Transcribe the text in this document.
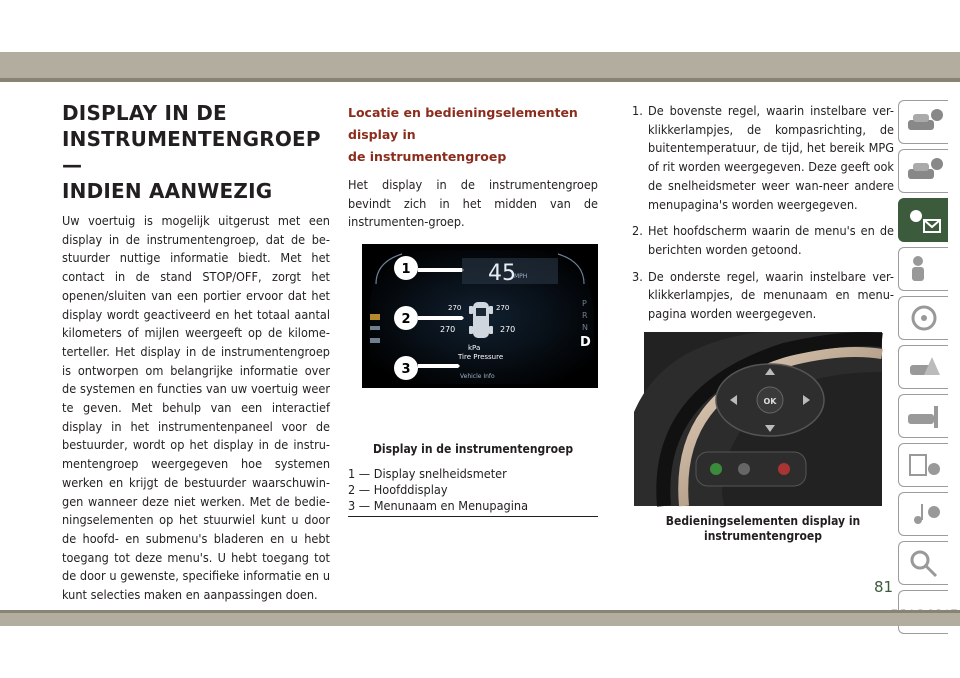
DISPLAY IN DE
INSTRUMENTENGROEP —
INDIEN AANWEZIG
Uw voertuig is mogelijk uitgerust met een display in de instrumentengroep, dat de be-stuurder nuttige informatie biedt. Met het contact in de stand STOP/OFF, zorgt het openen/sluiten van een portier ervoor dat het display wordt geactiveerd en het totaal aantal kilometers of mijlen weergeeft op de kilome-terteller. Het display in de instrumentengroep is ontworpen om belangrijke informatie over de systemen en functies van uw voertuig weer te geven. Met behulp van een interactief display in het instrumentenpaneel voor de bestuurder, wordt op het display in de instru-mentengroep weergegeven hoe systemen werken en krijgt de bestuurder waarschuwin-gen wanneer deze niet werken. Met de bedie-ningselementen op het stuurwiel kunt u door de hoofd- en submenu's bladeren en u hebt toegang tot deze menu's. U hebt toegang tot de door u gewenste, specifieke informatie en u kunt selecties maken en aanpassingen doen.
Locatie en bedieningselementen display in
de instrumentengroep
Het display in de instrumentengroep bevindt zich in het midden van de instrumenten-groep.
1	45
MPH
2
270	270
270	270
kPa
Tire Pressure
3	Vehicle Info
P
R
N
D
Display in de instrumentengroep
1 — Display snelheidsmeter
2 — Hoofddisplay
3 — Menunaam en Menupagina
1. De bovenste regel, waarin instelbare ver-klikkerlampjes, de kompasrichting, de buitentemperatuur, de tijd, het bereik MPG of rit worden weergegeven. Deze geeft ook de snelheidsmeter weer wan-neer andere menupagina's worden weergegeven.
2. Het hoofdscherm waarin de menu's en de berichten worden getoond.
3. De onderste regel, waarin instelbare ver-klikkerlampjes, de menunaam en menu-pagina worden weergegeven.
OK
Bedieningselementen display in
instrumentengroep
81
